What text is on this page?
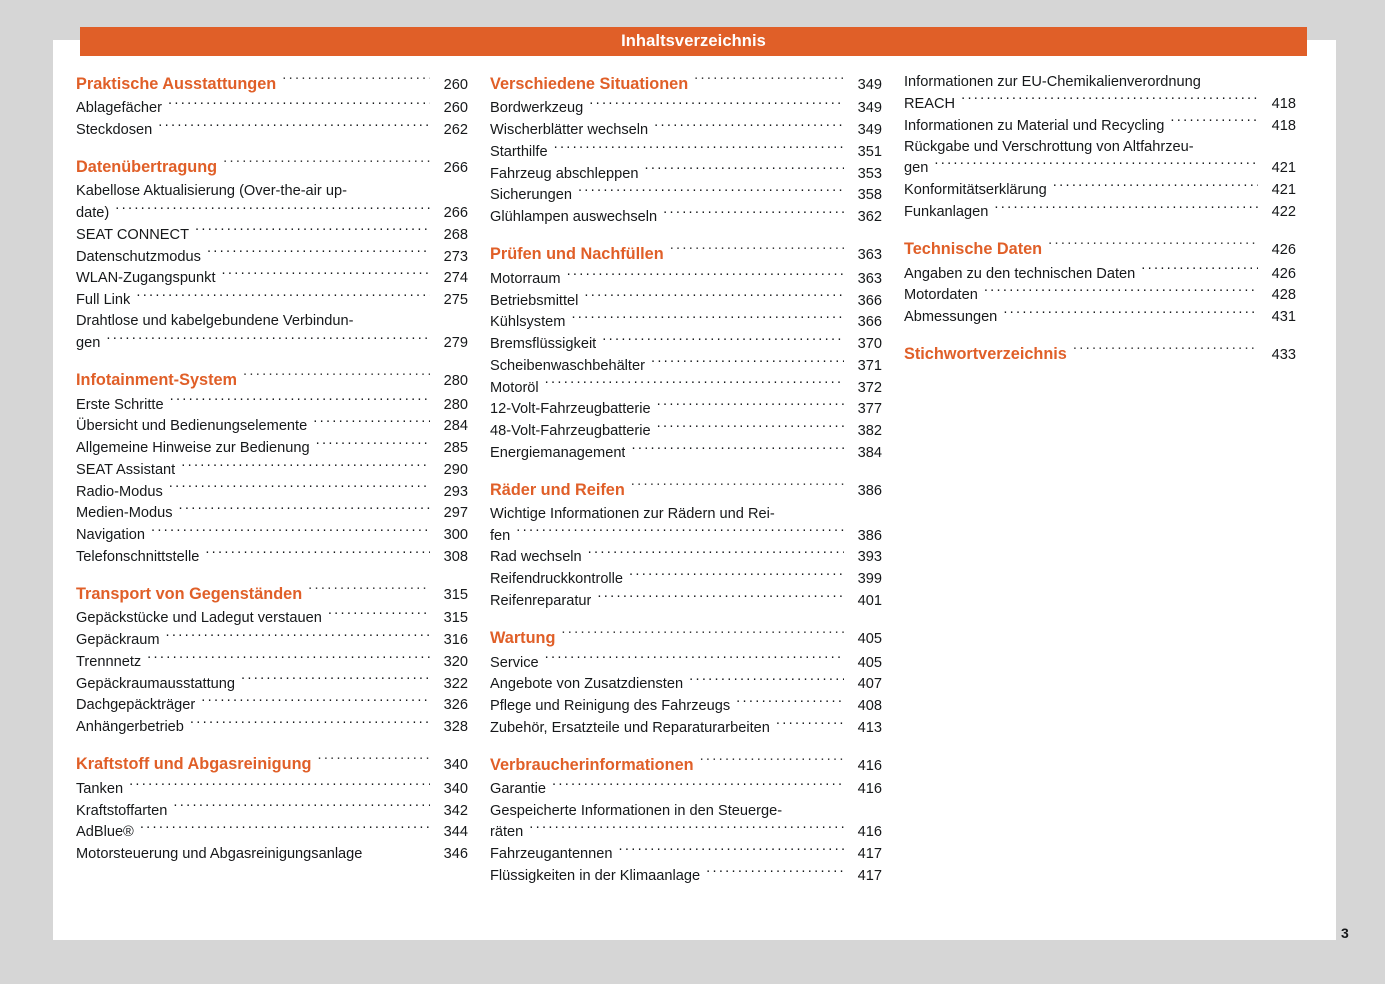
Inhaltsverzeichnis
Praktische Ausstattungen .....	260
Ablagefächer .....	260
Steckdosen .....	262
Datenübertragung .....	266
Kabellose Aktualisierung (Over-the-air up-
date) .....	266
SEAT CONNECT .....	268
Datenschutzmodus .....	273
WLAN-Zugangspunkt .....	274
Full Link .....	275
Drahtlose und kabelgebundene Verbindun-
gen .....	279
Infotainment-System .....	280
Erste Schritte .....	280
Übersicht und Bedienungselemente .....	284
Allgemeine Hinweise zur Bedienung .....	285
SEAT Assistant .....	290
Radio-Modus .....	293
Medien-Modus .....	297
Navigation .....	300
Telefonschnittstelle .....	308
Transport von Gegenständen .....	315
Gepäckstücke und Ladegut verstauen .....	315
Gepäckraum .....	316
Trennnetz .....	320
Gepäckraumausstattung .....	322
Dachgepäckträger .....	326
Anhängerbetrieb .....	328
Kraftstoff und Abgasreinigung .....	340
Tanken .....	340
Kraftstoffarten .....	342
AdBlue® .....	344
Motorsteuerung und Abgasreinigungsanlage	346
Verschiedene Situationen .....	349
Bordwerkzeug .....	349
Wischerblätter wechseln .....	349
Starthilfe .....	351
Fahrzeug abschleppen .....	353
Sicherungen .....	358
Glühlampen auswechseln .....	362
Prüfen und Nachfüllen .....	363
Motorraum .....	363
Betriebsmittel .....	366
Kühlsystem .....	366
Bremsflüssigkeit .....	370
Scheibenwaschbehälter .....	371
Motoröl .....	372
12-Volt-Fahrzeugbatterie .....	377
48-Volt-Fahrzeugbatterie .....	382
Energiemanagement .....	384
Räder und Reifen .....	386
Wichtige Informationen zur Rädern und Rei-
fen .....	386
Rad wechseln .....	393
Reifendruckkontrolle .....	399
Reifenreparatur .....	401
Wartung .....	405
Service .....	405
Angebote von Zusatzdiensten .....	407
Pflege und Reinigung des Fahrzeugs .....	408
Zubehör, Ersatzteile und Reparaturarbeiten .....	413
Verbraucherinformationen .....	416
Garantie .....	416
Gespeicherte Informationen in den Steuerge-
räten .....	416
Fahrzeugantennen .....	417
Flüssigkeiten in der Klimaanlage .....	417
Informationen zur EU-Chemikalienverordnung
REACH .....	418
Informationen zu Material und Recycling .....	418
Rückgabe und Verschrottung von Altfahrzeu-
gen .....	421
Konformitätserklärung .....	421
Funkanlagen .....	422
Technische Daten .....	426
Angaben zu den technischen Daten .....	426
Motordaten .....	428
Abmessungen .....	431
Stichwortverzeichnis .....	433
3
